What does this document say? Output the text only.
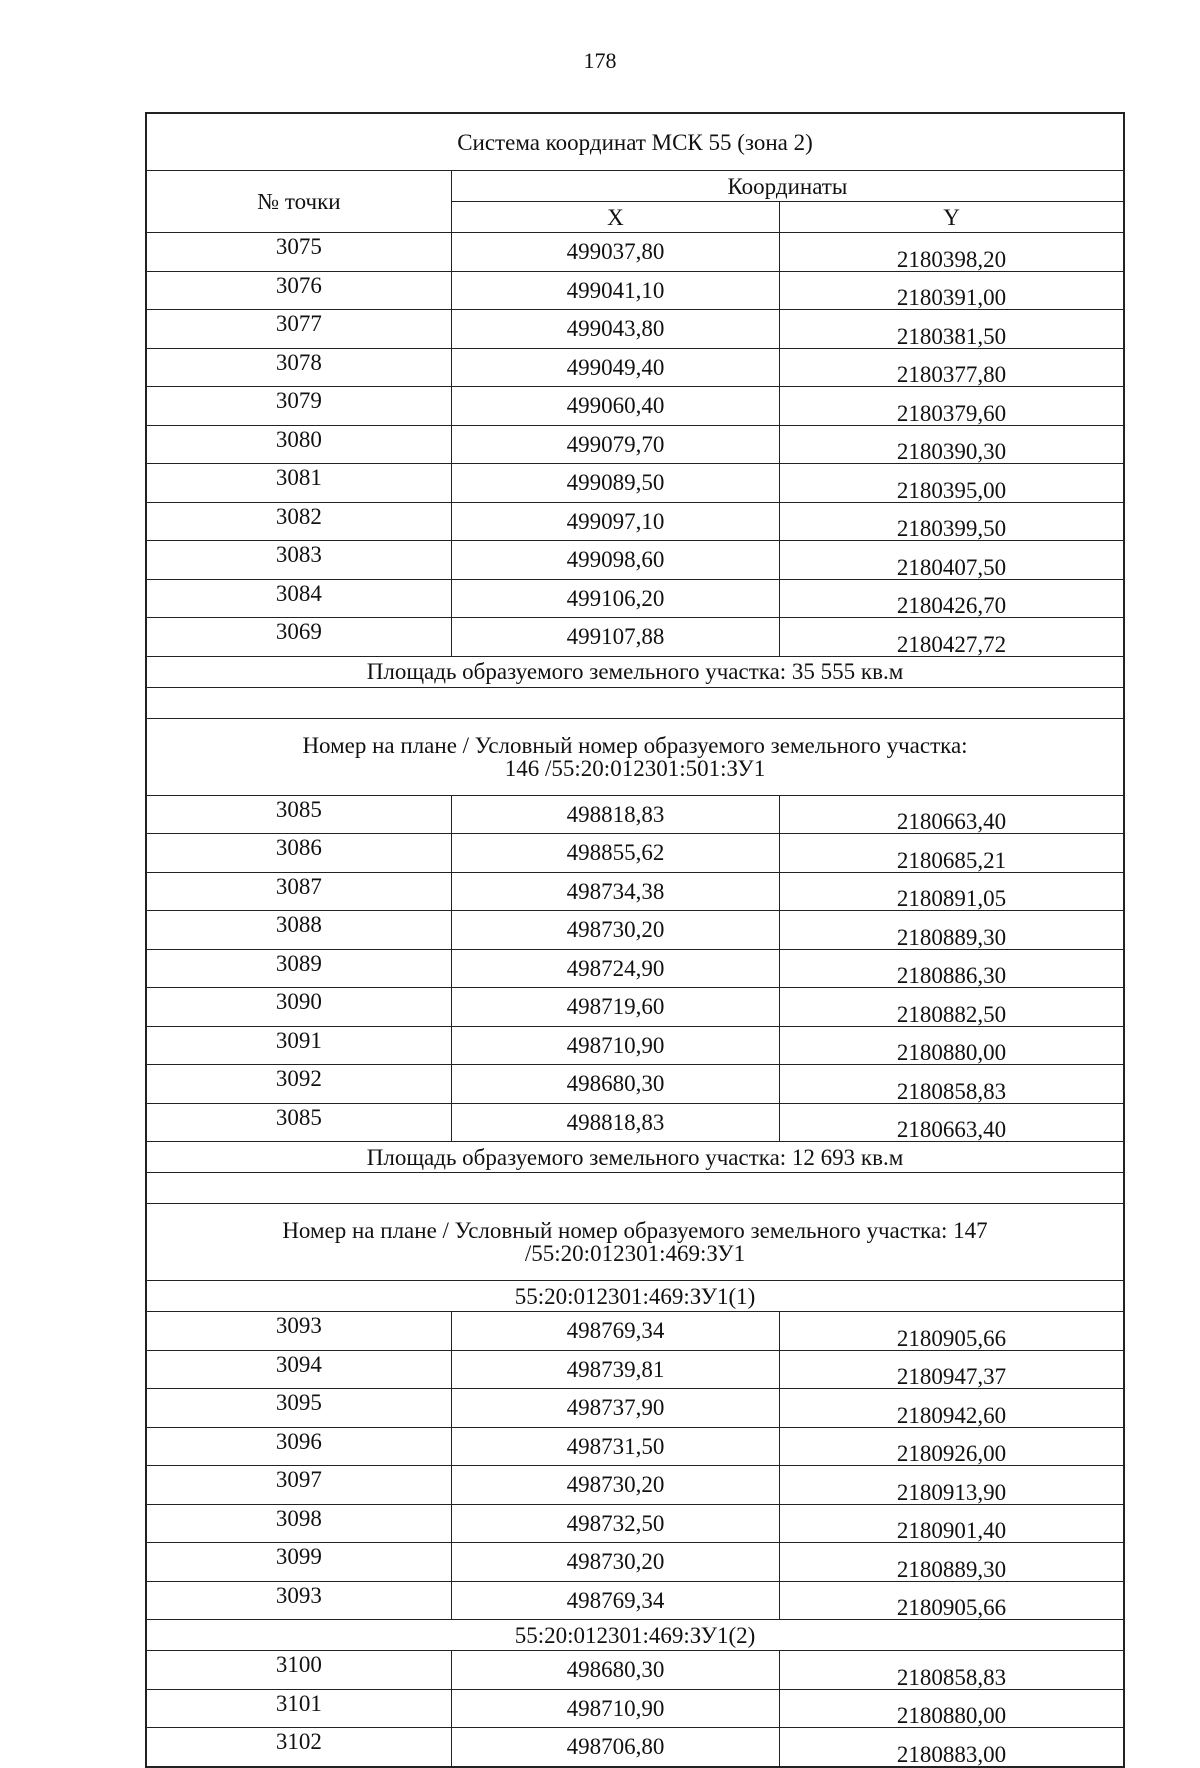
178
Система координат МСК 55 (зона 2)		
№ точки	Координаты	
	X	Y
3075	499037,80	2180398,20
3076	499041,10	2180391,00
3077	499043,80	2180381,50
3078	499049,40	2180377,80
3079	499060,40	2180379,60
3080	499079,70	2180390,30
3081	499089,50	2180395,00
3082	499097,10	2180399,50
3083	499098,60	2180407,50
3084	499106,20	2180426,70
3069	499107,88	2180427,72
Площадь образуемого земельного участка: 35 555 кв.м		

Номер на плане / Условный номер образуемого земельного участка:
146 /55:20:012301:501:ЗУ1		

3085	498818,83	2180663,40
3086	498855,62	2180685,21
3087	498734,38	2180891,05
3088	498730,20	2180889,30
3089	498724,90	2180886,30
3090	498719,60	2180882,50
3091	498710,90	2180880,00
3092	498680,30	2180858,83
3085	498818,83	2180663,40
Площадь образуемого земельного участка: 12 693 кв.м		

Номер на плане / Условный номер образуемого земельного участка: 147
/55:20:012301:469:ЗУ1		

55:20:012301:469:ЗУ1(1)		
3093	498769,34	2180905,66
3094	498739,81	2180947,37
3095	498737,90	2180942,60
3096	498731,50	2180926,00
3097	498730,20	2180913,90
3098	498732,50	2180901,40
3099	498730,20	2180889,30
3093	498769,34	2180905,66
55:20:012301:469:ЗУ1(2)		
3100	498680,30	2180858,83
3101	498710,90	2180880,00
3102	498706,80	2180883,00
